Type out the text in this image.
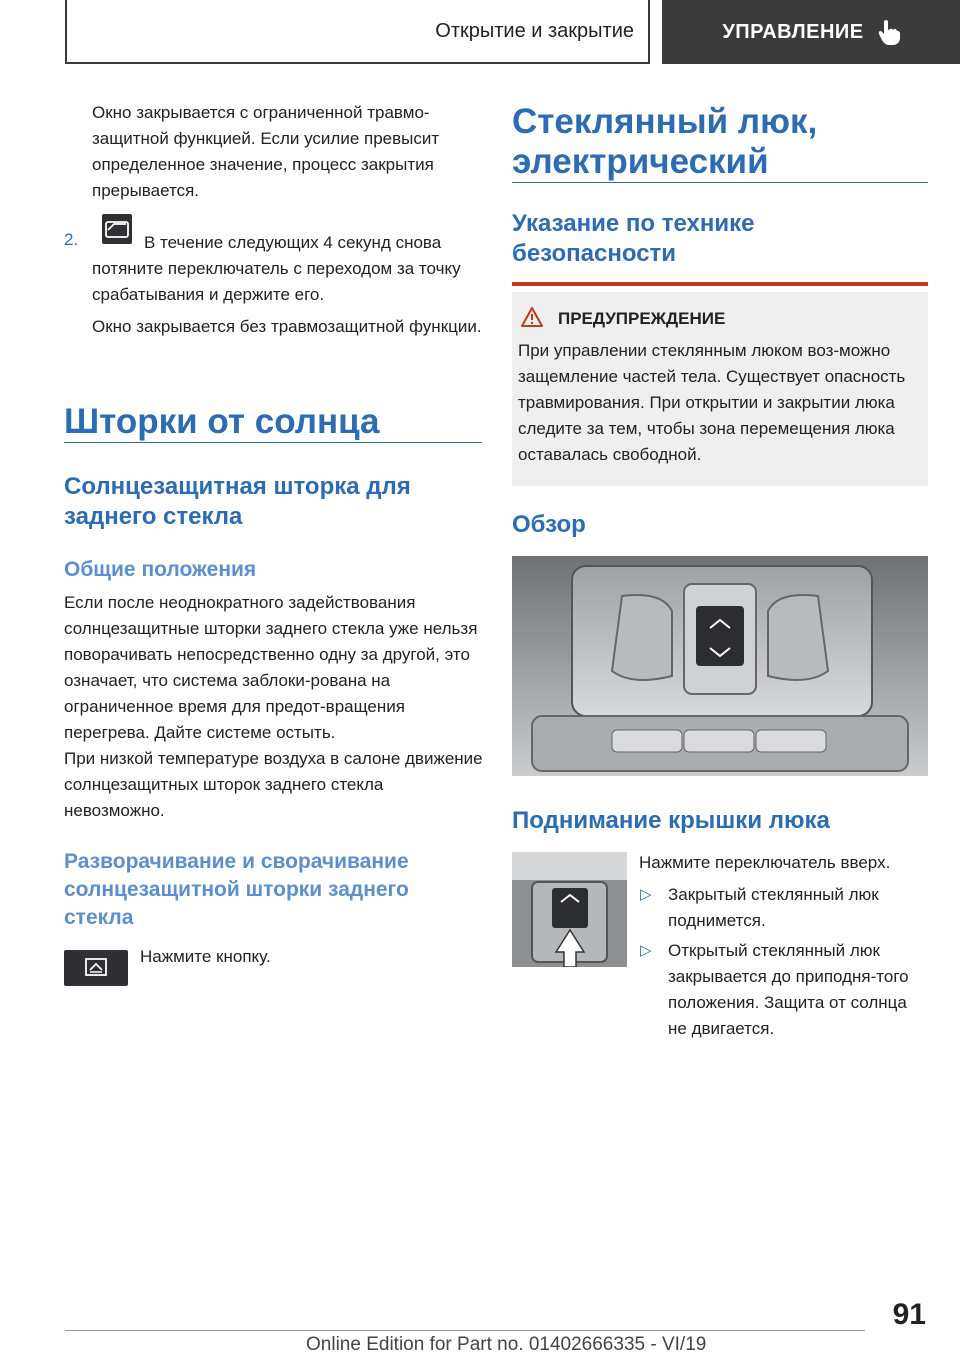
Открытие и закрытие	УПРАВЛЕНИЕ

Окно закрывается с ограниченной травмо-защитной функцией. Если усилие превысит определенное значение, процесс закрытия прерывается.

2.	В течение следующих 4 секунд снова потяните переключатель с переходом за точку срабатывания и держите его.

Окно закрывается без травмозащитной функции.

Шторки от солнца
Солнцезащитная шторка для заднего стекла
Общие положения

Если после неоднократного задействования солнцезащитные шторки заднего стекла уже нельзя поворачивать непосредственно одну за другой, это означает, что система заблоки-рована на ограниченное время для предот-вращения перегрева. Дайте системе остыть.

При низкой температуре воздуха в салоне движение солнцезащитных шторок заднего стекла невозможно.

Разворачивание и сворачивание солнцезащитной шторки заднего стекла

Нажмите кнопку.

Стеклянный люк, электрический
Указание по технике безопасности
ПРЕДУПРЕЖДЕНИЕ

При управлении стеклянным люком воз-можно защемление частей тела. Существует опасность травмирования. При открытии и закрытии люка следите за тем, чтобы зона перемещения люка оставалась свободной.

Обзор
Поднимание крышки люка

Нажмите переключатель вверх.

▷ Закрытый стеклянный люк поднимется.

▷ Открытый стеклянный люк закрывается до приподня-того положения. Защита от солнца не двигается.

91
Online Edition for Part no. 01402666335 - VI/19
